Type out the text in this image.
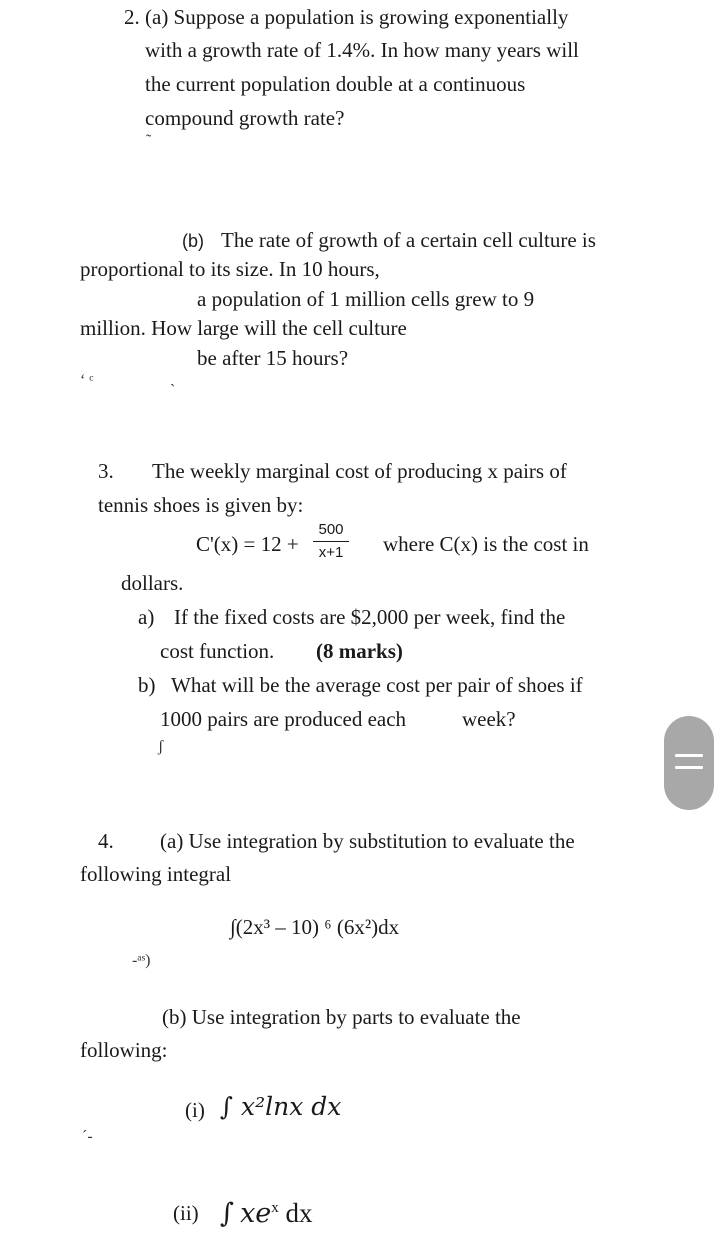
2. (a) Suppose a population is growing exponentially
with a growth rate of 1.4%. In how many years will
the current population double at a continuous
compound growth rate?
˜
(b) The rate of growth of a certain cell culture is
proportional to its size. In 10 hours,
a population of 1 million cells grew to 9
million. How large will the cell culture
be after 15 hours?
‘ ᶜ	ˎ
3. The weekly marginal cost of producing x pairs of
tennis shoes is given by:
C'(x) = 12 +
500
x+1 where C(x) is the cost in
dollars.
a) If the fixed costs are $2,000 per week, find the
cost function. (8 marks)
b) What will be the average cost per pair of shoes if
1000 pairs are produced each	week?
ʃ
4. (a) Use integration by substitution to evaluate the
following integral
∫(2x³ – 10) ⁶ (6x²)dx
-ᵃˢ)
(b) Use integration by parts to evaluate the
following:
(i) ∫ x²lnx dx
ˊ-
(ii) ∫ $xe^x$ dx
